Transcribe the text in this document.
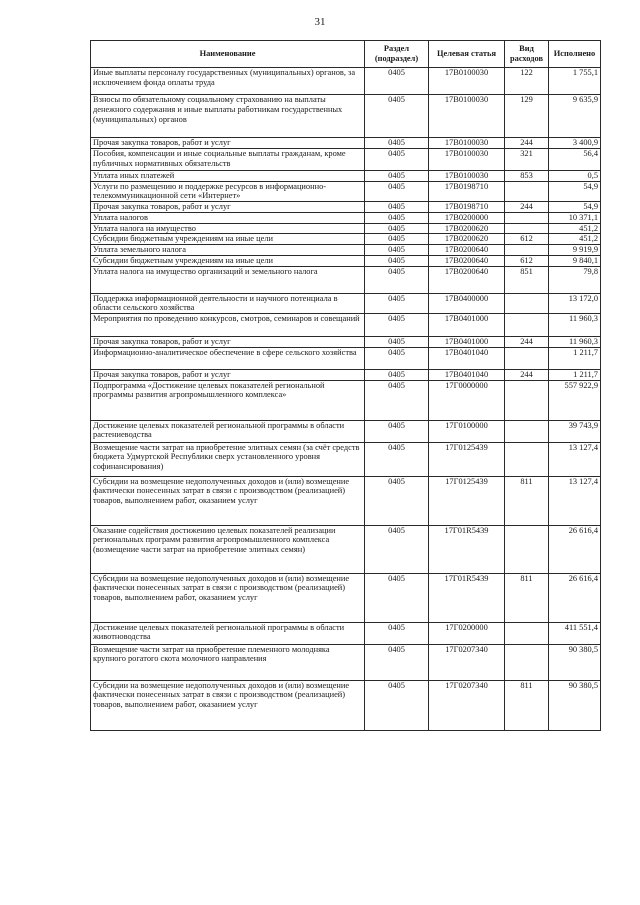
31
Наименование	Раздел (подраздел)	Целевая статья	Вид расходов	Исполнено
Иные выплаты персоналу государственных (муниципальных) органов, за исключением фонда оплаты труда	0405	17В0100030	122	1 755,1
Взносы по обязательному социальному страхованию на выплаты денежного содержания и иные выплаты работникам государственных (муниципальных) органов	0405	17В0100030	129	9 635,9
Прочая закупка товаров, работ и услуг	0405	17В0100030	244	3 400,9
Пособия, компенсации и иные социальные выплаты гражданам, кроме публичных нормативных обязательств	0405	17В0100030	321	56,4
Уплата иных платежей	0405	17В0100030	853	0,5
Услуги по размещению и поддержке ресурсов в информационно-телекоммуникационной сети «Интернет»	0405	17В0198710		54,9
Прочая закупка товаров, работ и услуг	0405	17В0198710	244	54,9
Уплата налогов	0405	17В0200000		10 371,1
Уплата налога на имущество	0405	17В0200620		451,2
Субсидии бюджетным учреждениям на иные цели	0405	17В0200620	612	451,2
Уплата земельного налога	0405	17В0200640		9 919,9
Субсидии бюджетным учреждениям на иные цели	0405	17В0200640	612	9 840,1
Уплата налога на имущество организаций и земельного налога	0405	17В0200640	851	79,8
Поддержка информационной деятельности и научного потенциала в области сельского хозяйства	0405	17В0400000		13 172,0
Мероприятия по проведению конкурсов, смотров, семинаров и совещаний	0405	17В0401000		11 960,3
Прочая закупка товаров, работ и услуг	0405	17В0401000	244	11 960,3
Информационно-аналитическое обеспечение в сфере сельского хозяйства	0405	17В0401040		1 211,7
Прочая закупка товаров, работ и услуг	0405	17В0401040	244	1 211,7
Подпрограмма «Достижение целевых показателей региональной программы развития агропромышленного комплекса»	0405	17Г0000000		557 922,9
Достижение целевых показателей региональной программы в области растениеводства	0405	17Г0100000		39 743,9
Возмещение части затрат на приобретение элитных семян (за счёт средств бюджета Удмуртской Республики сверх установленного уровня софинансирования)	0405	17Г0125439		13 127,4
Субсидии на возмещение недополученных доходов и (или) возмещение фактически понесенных затрат в связи с производством (реализацией) товаров, выполнением работ, оказанием услуг	0405	17Г0125439	811	13 127,4
Оказание содействия достижению целевых показателей реализации региональных программ развития агропромышленного комплекса (возмещение части затрат на приобретение элитных семян)	0405	17Г01R5439		26 616,4
Субсидии на возмещение недополученных доходов и (или) возмещение фактически понесенных затрат в связи с производством (реализацией) товаров, выполнением работ, оказанием услуг	0405	17Г01R5439	811	26 616,4
Достижение целевых показателей региональной программы в области животноводства	0405	17Г0200000		411 551,4
Возмещение части затрат на приобретение племенного молодняка крупного рогатого скота молочного направления	0405	17Г0207340		90 380,5
Субсидии на возмещение недополученных доходов и (или) возмещение фактически понесенных затрат в связи с производством (реализацией) товаров, выполнением работ, оказанием услуг	0405	17Г0207340	811	90 380,5
